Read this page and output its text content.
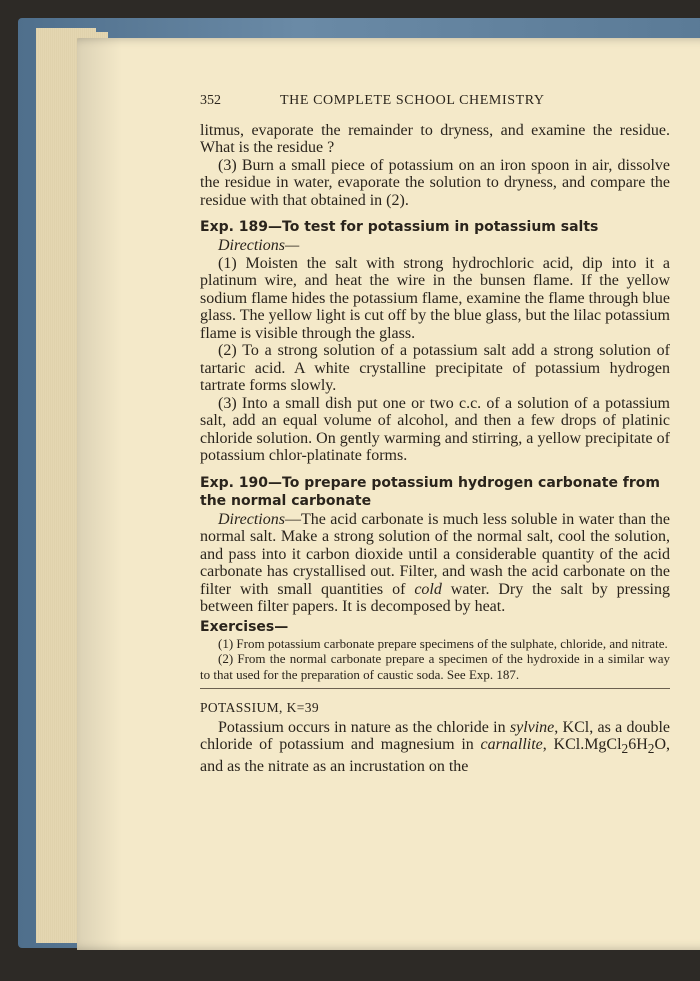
352	THE COMPLETE SCHOOL CHEMISTRY

litmus, evaporate the remainder to dryness, and examine the residue. What is the residue ?

(3) Burn a small piece of potassium on an iron spoon in air, dissolve the residue in water, evaporate the solution to dryness, and compare the residue with that obtained in (2).

Exp. 189—To test for potassium in potassium salts

Directions—

(1) Moisten the salt with strong hydrochloric acid, dip into it a platinum wire, and heat the wire in the bunsen flame. If the yellow sodium flame hides the potassium flame, examine the flame through blue glass. The yellow light is cut off by the blue glass, but the lilac potassium flame is visible through the glass.

(2) To a strong solution of a potassium salt add a strong solution of tartaric acid. A white crystalline precipitate of potassium hydrogen tartrate forms slowly.

(3) Into a small dish put one or two c.c. of a solution of a potassium salt, add an equal volume of alcohol, and then a few drops of platinic chloride solution. On gently warming and stirring, a yellow precipitate of potassium chlor-platinate forms.

Exp. 190—To prepare potassium hydrogen carbonate from the normal carbonate

Directions—The acid carbonate is much less soluble in water than the normal salt. Make a strong solution of the normal salt, cool the solution, and pass into it carbon dioxide until a considerable quantity of the acid carbonate has crystallised out. Filter, and wash the acid carbonate on the filter with small quantities of cold water. Dry the salt by pressing between filter papers. It is decomposed by heat.

Exercises—

(1) From potassium carbonate prepare specimens of the sulphate, chloride, and nitrate.

(2) From the normal carbonate prepare a specimen of the hydroxide in a similar way to that used for the preparation of caustic soda. See Exp. 187.

POTASSIUM, K=39

Potassium occurs in nature as the chloride in sylvine, KCl, as a double chloride of potassium and magnesium in carnallite, $KCl.MgCl_26H_2O$, and as the nitrate as an incrustation on the
